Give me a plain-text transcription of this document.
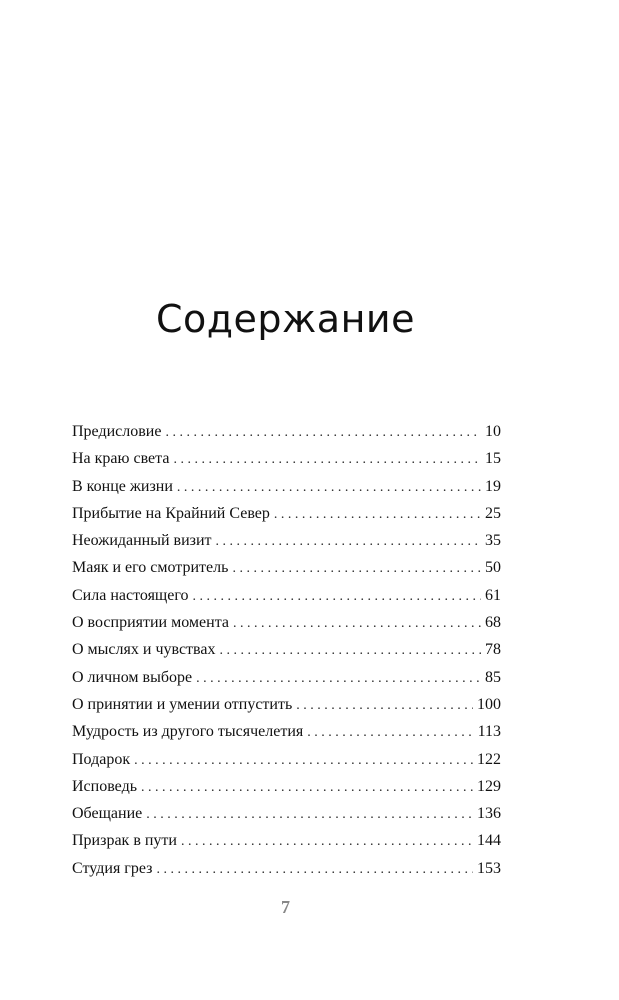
Содержание
Предисловие . . .	10
На краю света . . .	15
В конце жизни . . .	19
Прибытие на Крайний Север . . .	25
Неожиданный визит . . .	35
Маяк и его смотритель . . .	50
Сила настоящего . . .	61
О восприятии момента . . .	68
О мыслях и чувствах . . .	78
О личном выборе . . .	85
О принятии и умении отпустить . . .	100
Мудрость из другого тысячелетия . . .	113
Подарок . . .	122
Исповедь . . .	129
Обещание . . .	136
Призрак в пути . . .	144
Студия грез . . .	153
7
